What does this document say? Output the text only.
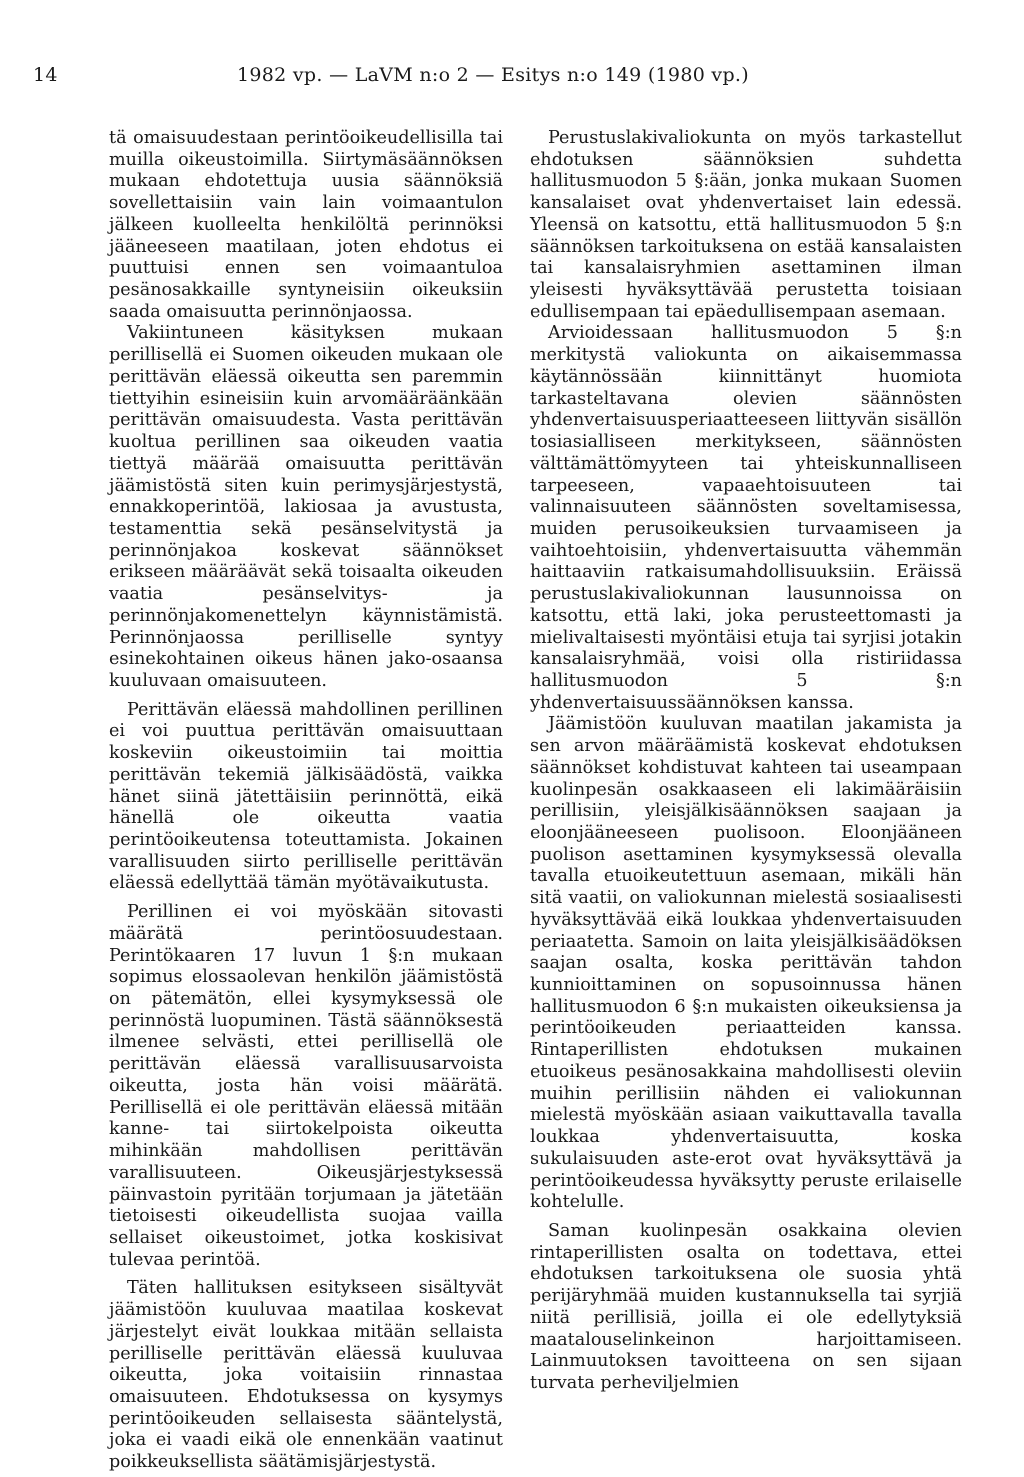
14	1982 vp. — LaVM n:o 2 — Esitys n:o 149 (1980 vp.)

tä omaisuudestaan perintöoikeudellisilla tai muilla oikeustoimilla. Siirtymäsäännöksen mukaan ehdotettuja uusia säännöksiä sovellettaisiin vain lain voimaantulon jälkeen kuolleelta henkilöltä perinnöksi jääneeseen maatilaan, joten ehdotus ei puuttuisi ennen sen voimaantuloa pesänosakkaille syntyneisiin oikeuksiin saada omaisuutta perinnönjaossa.

Vakiintuneen käsityksen mukaan perillisellä ei Suomen oikeuden mukaan ole perittävän eläessä oikeutta sen paremmin tiettyihin esineisiin kuin arvomääräänkään perittävän omaisuudesta. Vasta perittävän kuoltua perillinen saa oikeuden vaatia tiettyä määrää omaisuutta perittävän jäämistöstä siten kuin perimysjärjestystä, ennakkoperintöä, lakiosaa ja avustusta, testamenttia sekä pesänselvitystä ja perinnönjakoa koskevat säännökset erikseen määräävät sekä toisaalta oikeuden vaatia pesänselvitys- ja perinnönjakomenettelyn käynnistämistä. Perinnönjaossa perilliselle syntyy esinekohtainen oikeus hänen jako-osaansa kuuluvaan omaisuuteen.

Perittävän eläessä mahdollinen perillinen ei voi puuttua perittävän omaisuuttaan koskeviin oikeustoimiin tai moittia perittävän tekemiä jälkisäädöstä, vaikka hänet siinä jätettäisiin perinnöttä, eikä hänellä ole oikeutta vaatia perintöoikeutensa toteuttamista. Jokainen varallisuuden siirto perilliselle perittävän eläessä edellyttää tämän myötävaikutusta.

Perillinen ei voi myöskään sitovasti määrätä perintöosuudestaan. Perintökaaren 17 luvun 1 §:n mukaan sopimus elossaolevan henkilön jäämistöstä on pätemätön, ellei kysymyksessä ole perinnöstä luopuminen. Tästä säännöksestä ilmenee selvästi, ettei perillisellä ole perittävän eläessä varallisuusarvoista oikeutta, josta hän voisi määrätä. Perillisellä ei ole perittävän eläessä mitään kanne- tai siirtokelpoista oikeutta mihinkään mahdollisen perittävän varallisuuteen. Oikeusjärjestyksessä päinvastoin pyritään torjumaan ja jätetään tietoisesti oikeudellista suojaa vailla sellaiset oikeustoimet, jotka koskisivat tulevaa perintöä.

Täten hallituksen esitykseen sisältyvät jäämistöön kuuluvaa maatilaa koskevat järjestelyt eivät loukkaa mitään sellaista perilliselle perittävän eläessä kuuluvaa oikeutta, joka voitaisiin rinnastaa omaisuuteen. Ehdotuksessa on kysymys perintöoikeuden sellaisesta sääntelystä, joka ei vaadi eikä ole ennenkään vaatinut poikkeuksellista säätämisjärjestystä.

Perustuslakivaliokunta on myös tarkastellut ehdotuksen säännöksien suhdetta hallitusmuodon 5 §:ään, jonka mukaan Suomen kansalaiset ovat yhdenvertaiset lain edessä. Yleensä on katsottu, että hallitusmuodon 5 §:n säännöksen tarkoituksena on estää kansalaisten tai kansalaisryhmien asettaminen ilman yleisesti hyväksyttävää perustetta toisiaan edullisempaan tai epäedullisempaan asemaan.

Arvioidessaan hallitusmuodon 5 §:n merkitystä valiokunta on aikaisemmassa käytännössään kiinnittänyt huomiota tarkasteltavana olevien säännösten yhdenvertaisuusperiaatteeseen liittyvän sisällön tosiasialliseen merkitykseen, säännösten välttämättömyyteen tai yhteiskunnalliseen tarpeeseen, vapaaehtoisuuteen tai valinnaisuuteen säännösten soveltamisessa, muiden perusoikeuksien turvaamiseen ja vaihtoehtoisiin, yhdenvertaisuutta vähemmän haittaaviin ratkaisumahdollisuuksiin. Eräissä perustuslakivaliokunnan lausunnoissa on katsottu, että laki, joka perusteettomasti ja mielivaltaisesti myöntäisi etuja tai syrjisi jotakin kansalaisryhmää, voisi olla ristiriidassa hallitusmuodon 5 §:n yhdenvertaisuussäännöksen kanssa.

Jäämistöön kuuluvan maatilan jakamista ja sen arvon määräämistä koskevat ehdotuksen säännökset kohdistuvat kahteen tai useampaan kuolinpesän osakkaaseen eli lakimääräisiin perillisiin, yleisjälkisäännöksen saajaan ja eloonjääneeseen puolisoon. Eloonjääneen puolison asettaminen kysymyksessä olevalla tavalla etuoikeutettuun asemaan, mikäli hän sitä vaatii, on valiokunnan mielestä sosiaalisesti hyväksyttävää eikä loukkaa yhdenvertaisuuden periaatetta. Samoin on laita yleisjälkisäädöksen saajan osalta, koska perittävän tahdon kunnioittaminen on sopusoinnussa hänen hallitusmuodon 6 §:n mukaisten oikeuksiensa ja perintöoikeuden periaatteiden kanssa. Rintaperillisten ehdotuksen mukainen etuoikeus pesänosakkaina mahdollisesti oleviin muihin perillisiin nähden ei valiokunnan mielestä myöskään asiaan vaikuttavalla tavalla loukkaa yhdenvertaisuutta, koska sukulaisuuden aste-erot ovat hyväksyttävä ja perintöoikeudessa hyväksytty peruste erilaiselle kohtelulle.

Saman kuolinpesän osakkaina olevien rintaperillisten osalta on todettava, ettei ehdotuksen tarkoituksena ole suosia yhtä perijäryhmää muiden kustannuksella tai syrjiä niitä perillisiä, joilla ei ole edellytyksiä maatalouselinkeinon harjoittamiseen. Lainmuutoksen tavoitteena on sen sijaan turvata perheviljelmien
